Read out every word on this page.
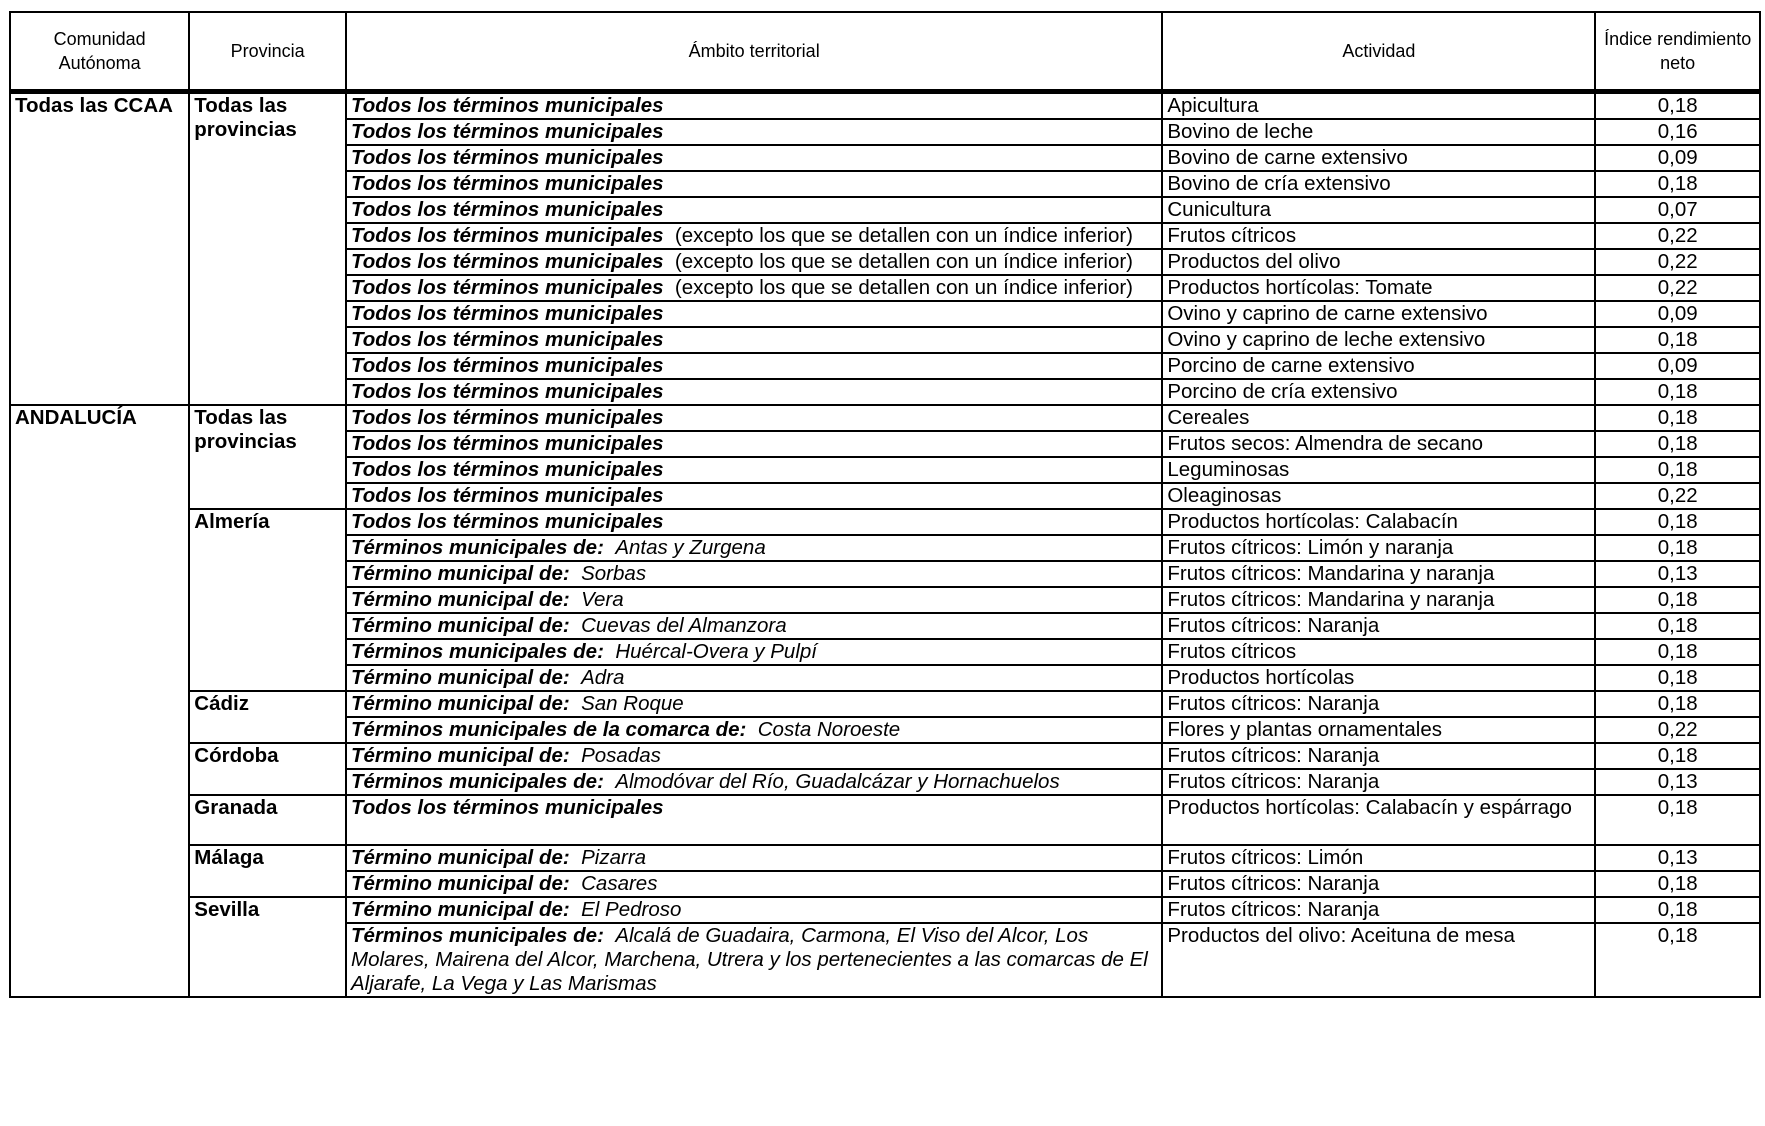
Comunidad Autónoma	Provincia	Ámbito territorial	Actividad	Índice rendimiento neto
Todas las CCAA	Todas las provincias	Todos los términos municipales	Apicultura	0,18
		Todos los términos municipales	Bovino de leche	0,16
		Todos los términos municipales	Bovino de carne extensivo	0,09
		Todos los términos municipales	Bovino de cría extensivo	0,18
		Todos los términos municipales	Cunicultura	0,07
		Todos los términos municipales (excepto los que se detallen con un índice inferior)	Frutos cítricos	0,22
		Todos los términos municipales (excepto los que se detallen con un índice inferior)	Productos del olivo	0,22
		Todos los términos municipales (excepto los que se detallen con un índice inferior)	Productos hortícolas: Tomate	0,22
		Todos los términos municipales	Ovino y caprino de carne extensivo	0,09
		Todos los términos municipales	Ovino y caprino de leche extensivo	0,18
		Todos los términos municipales	Porcino de carne extensivo	0,09
		Todos los términos municipales	Porcino de cría extensivo	0,18
ANDALUCÍA	Todas las provincias	Todos los términos municipales	Cereales	0,18
		Todos los términos municipales	Frutos secos: Almendra de secano	0,18
		Todos los términos municipales	Leguminosas	0,18
		Todos los términos municipales	Oleaginosas	0,22
	Almería	Todos los términos municipales	Productos hortícolas: Calabacín	0,18
		Términos municipales de: Antas y Zurgena	Frutos cítricos: Limón y naranja	0,18
		Término municipal de: Sorbas	Frutos cítricos: Mandarina y naranja	0,13
		Término municipal de: Vera	Frutos cítricos: Mandarina y naranja	0,18
		Término municipal de: Cuevas del Almanzora	Frutos cítricos: Naranja	0,18
		Términos municipales de: Huércal-Overa y Pulpí	Frutos cítricos	0,18
		Término municipal de: Adra	Productos hortícolas	0,18
	Cádiz	Término municipal de: San Roque	Frutos cítricos: Naranja	0,18
		Términos municipales de la comarca de: Costa Noroeste	Flores y plantas ornamentales	0,22
	Córdoba	Término municipal de: Posadas	Frutos cítricos: Naranja	0,18
		Términos municipales de: Almodóvar del Río, Guadalcázar y Hornachuelos	Frutos cítricos: Naranja	0,13
	Granada	Todos los términos municipales	Productos hortícolas: Calabacín y espárrago	0,18
	Málaga	Término municipal de: Pizarra	Frutos cítricos: Limón	0,13
		Término municipal de: Casares	Frutos cítricos: Naranja	0,18
	Sevilla	Término municipal de: El Pedroso	Frutos cítricos: Naranja	0,18
		Términos municipales de: Alcalá de Guadaira, Carmona, El Viso del Alcor, Los Molares, Mairena del Alcor, Marchena, Utrera y los pertenecientes a las comarcas de El Aljarafe, La Vega y Las Marismas	Productos del olivo: Aceituna de mesa	0,18
